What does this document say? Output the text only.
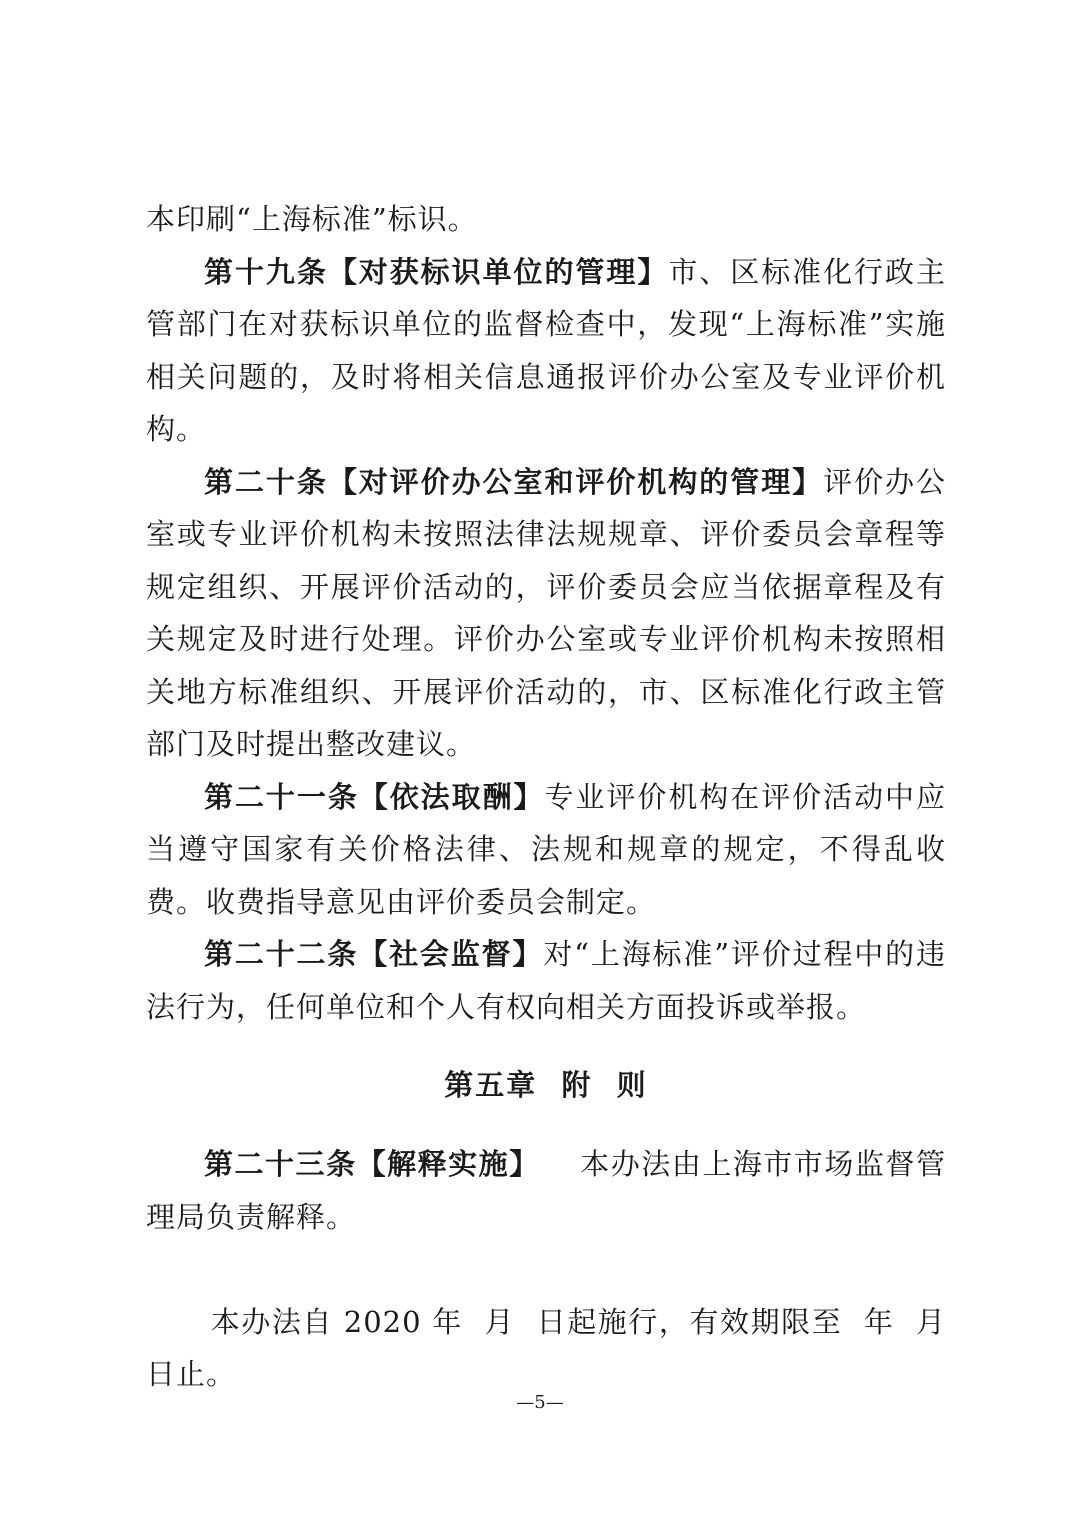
本印刷“上海标准”标识。

第十九条【对获标识单位的管理】市、区标准化行政主管部门在对获标识单位的监督检查中，发现“上海标准”实施相关问题的，及时将相关信息通报评价办公室及专业评价机构。

第二十条【对评价办公室和评价机构的管理】评价办公室或专业评价机构未按照法律法规规章、评价委员会章程等规定组织、开展评价活动的，评价委员会应当依据章程及有关规定及时进行处理。评价办公室或专业评价机构未按照相关地方标准组织、开展评价活动的，市、区标准化行政主管部门及时提出整改建议。

第二十一条【依法取酬】专业评价机构在评价活动中应当遵守国家有关价格法律、法规和规章的规定，不得乱收费。收费指导意见由评价委员会制定。

第二十二条【社会监督】对“上海标准”评价过程中的违法行为，任何单位和个人有权向相关方面投诉或举报。

第五章  附  则

第二十三条【解释实施】 本办法由上海市市场监督管理局负责解释。

本办法自 2020 年  月  日起施行，有效期限至  年  月  日止。

—5—
